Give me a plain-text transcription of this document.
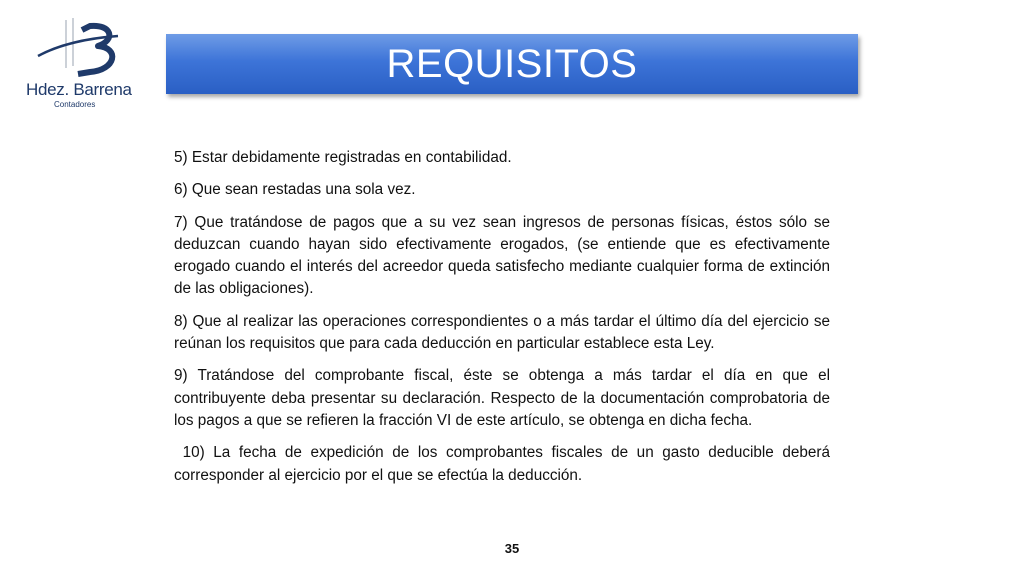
Hdez. Barrena
Contadores
REQUISITOS

5) Estar debidamente registradas en contabilidad.

6) Que sean restadas una sola vez.

7) Que tratándose de pagos que a su vez sean ingresos de personas físicas, éstos sólo se deduzcan cuando hayan sido efectivamente erogados, (se entiende que es efectivamente erogado cuando el interés del acreedor queda satisfecho mediante cualquier forma de extinción de las obligaciones).

8) Que al realizar las operaciones correspondientes o a más tardar el último día del ejercicio se reúnan los requisitos que para cada deducción en particular establece esta Ley.

9) Tratándose del comprobante fiscal, éste se obtenga a más tardar el día en que el contribuyente deba presentar su declaración. Respecto de la documentación comprobatoria de los pagos a que se refieren la fracción VI de este artículo, se obtenga en dicha fecha.

10) La fecha de expedición de los comprobantes fiscales de un gasto deducible deberá corresponder al ejercicio por el que se efectúa la deducción.

35
